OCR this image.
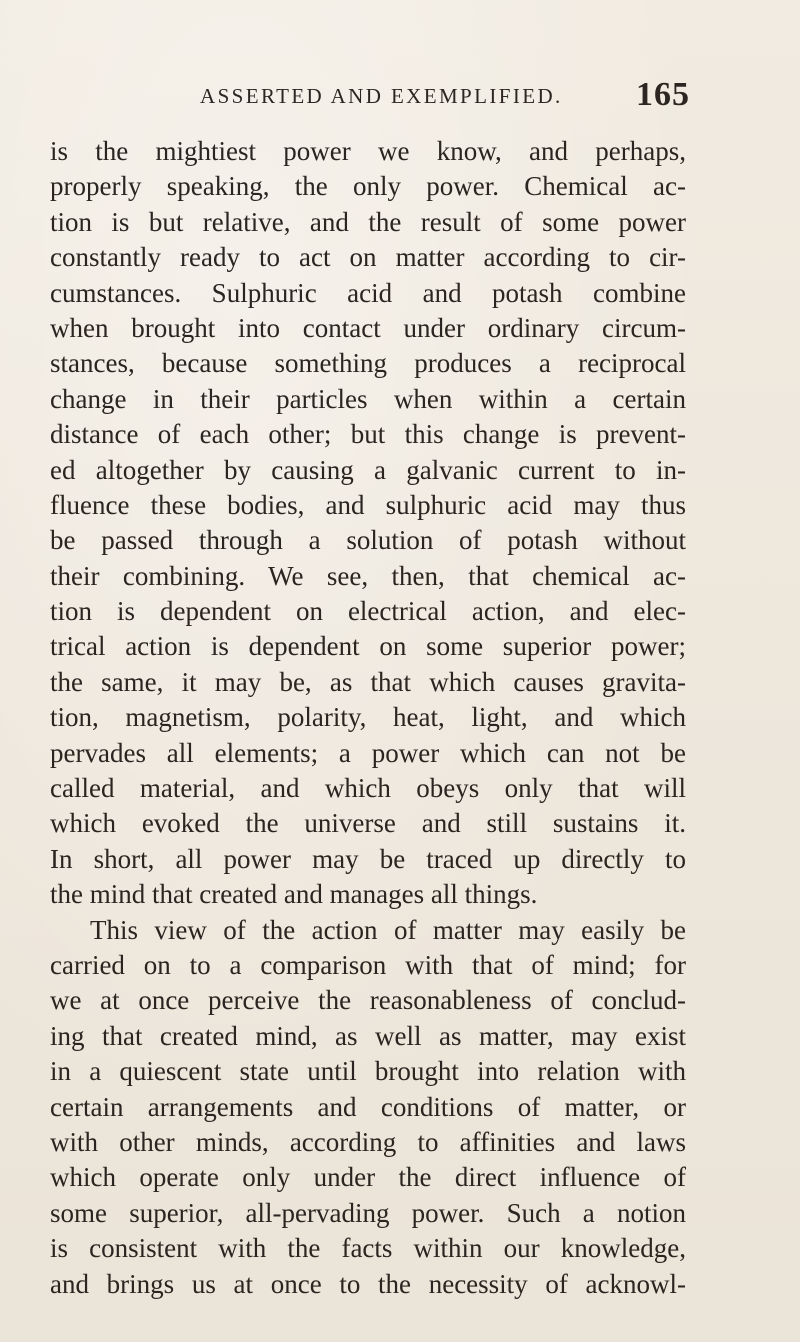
ASSERTED AND EXEMPLIFIED. 165
is the mightiest power we know, and perhaps,
properly speaking, the only power. Chemical ac-
tion is but relative, and the result of some power
constantly ready to act on matter according to cir-
cumstances. Sulphuric acid and potash combine
when brought into contact under ordinary circum-
stances, because something produces a reciprocal
change in their particles when within a certain
distance of each other; but this change is prevent-
ed altogether by causing a galvanic current to in-
fluence these bodies, and sulphuric acid may thus
be passed through a solution of potash without
their combining. We see, then, that chemical ac-
tion is dependent on electrical action, and elec-
trical action is dependent on some superior power;
the same, it may be, as that which causes gravita-
tion, magnetism, polarity, heat, light, and which
pervades all elements; a power which can not be
called material, and which obeys only that will
which evoked the universe and still sustains it.
In short, all power may be traced up directly to
the mind that created and manages all things.
This view of the action of matter may easily be
carried on to a comparison with that of mind; for
we at once perceive the reasonableness of conclud-
ing that created mind, as well as matter, may exist
in a quiescent state until brought into relation with
certain arrangements and conditions of matter, or
with other minds, according to affinities and laws
which operate only under the direct influence of
some superior, all-pervading power. Such a notion
is consistent with the facts within our knowledge,
and brings us at once to the necessity of acknowl-
